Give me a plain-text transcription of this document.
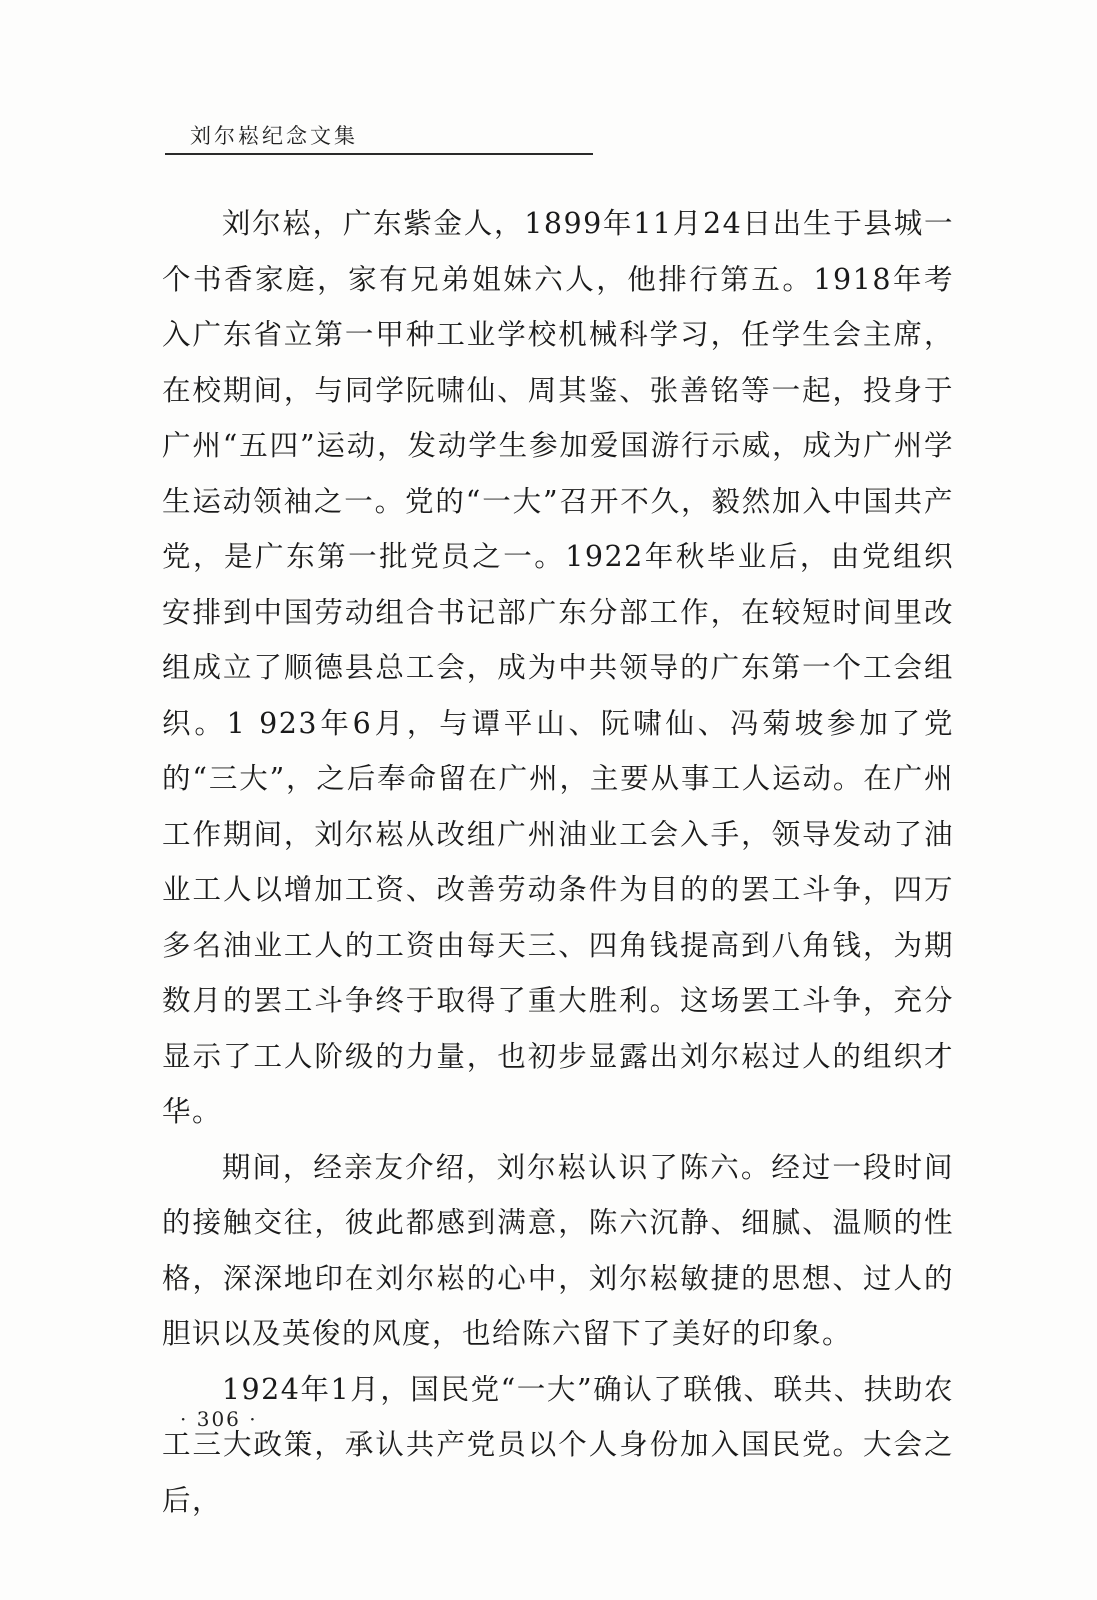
刘尔崧纪念文集

刘尔崧，广东紫金人，1899年11月24日出生于县城一个书香家庭，家有兄弟姐妹六人，他排行第五。1918年考入广东省立第一甲种工业学校机械科学习，任学生会主席，在校期间，与同学阮啸仙、周其鉴、张善铭等一起，投身于广州“五四”运动，发动学生参加爱国游行示威，成为广州学生运动领袖之一。党的“一大”召开不久，毅然加入中国共产党，是广东第一批党员之一。1922年秋毕业后，由党组织安排到中国劳动组合书记部广东分部工作，在较短时间里改组成立了顺德县总工会，成为中共领导的广东第一个工会组织。1 923年6月，与谭平山、阮啸仙、冯菊坡参加了党的“三大”，之后奉命留在广州，主要从事工人运动。在广州工作期间，刘尔崧从改组广州油业工会入手，领导发动了油业工人以增加工资、改善劳动条件为目的的罢工斗争，四万多名油业工人的工资由每天三、四角钱提高到八角钱，为期数月的罢工斗争终于取得了重大胜利。这场罢工斗争，充分显示了工人阶级的力量，也初步显露出刘尔崧过人的组织才华。

期间，经亲友介绍，刘尔崧认识了陈六。经过一段时间的接触交往，彼此都感到满意，陈六沉静、细腻、温顺的性格，深深地印在刘尔崧的心中，刘尔崧敏捷的思想、过人的胆识以及英俊的风度，也给陈六留下了美好的印象。

1924年1月，国民党“一大”确认了联俄、联共、扶助农工三大政策，承认共产党员以个人身份加入国民党。大会之后，

· 306 ·
